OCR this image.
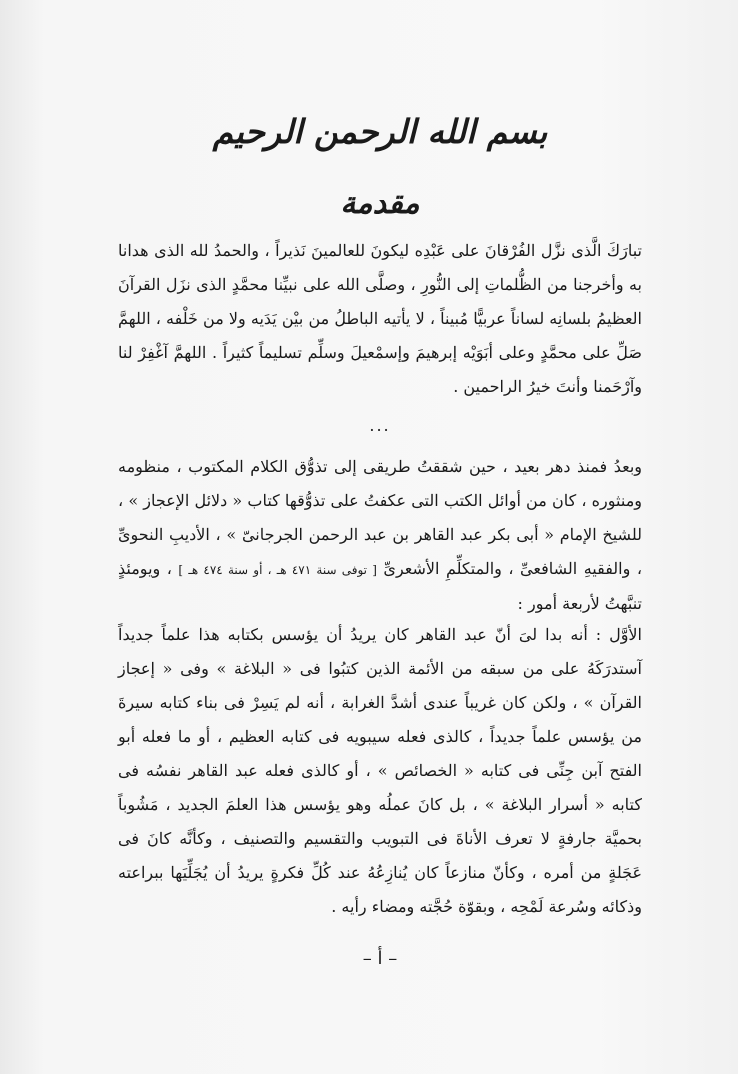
بسم الله الرحمن الرحيم
مقدمة

تبارَكَ الَّذى نزَّل الفُرْقانَ على عَبْدِه ليكونَ للعالمينَ نَذيراً ، والحمدُ لله الذى هدانا به وأخرجنا من الظُّلماتِ إلى النُّورِ ، وصلَّى الله على نبيِّنا محمَّدٍ الذى نزَل القرآنَ العظيمُ بلسانِه لساناً عربيًّا مُبيناً ، لا يأتيه الباطلُ من بيْن يَدَيه ولا من خَلْفه ، اللهمَّ صَلِّ على محمَّدٍ وعلى أبَوَيْه إبرهيمَ وإسمْعيلَ وسلِّم تسليماً كثيراً . اللهمَّ آغْفِرْ لنا وآرْحَمنا وأنتَ خيرُ الراحمين .

...

وبعدُ فمنذ دهر بعيد ، حين شققتُ طريقى إلى تذوُّق الكلام المكتوب ، منظومه ومنثوره ، كان من أوائل الكتب التى عكفتُ على تذوُّقها كتاب « دلائل الإعجاز » ، للشيخ الإمام « أبى بكر عبد القاهر بن عبد الرحمن الجرجانىّ » ، الأديبِ النحوىِّ ، والفقيهِ الشافعىِّ ، والمتكلِّمِ الأشعرىِّ [ توفى سنة ٤٧١ هـ ، أو سنة ٤٧٤ هـ ] ، ويومئذٍ تنبَّهتُ لأربعة أمور :

الأوَّل : أنه بدا لىَ أنّ عبد القاهر كان يريدُ أن يؤسس بكتابه هذا علماً جديداً آستدرَكَهُ على من سبقه من الأئمة الذين كتبُوا فى « البلاغة » وفى « إعجاز القرآن » ، ولكن كان غريباً عندى أشدَّ الغرابة ، أنه لم يَسِرْ فى بناء كتابه سيرةَ من يؤسس علماً جديداً ، كالذى فعله سيبويه فى كتابه العظيم ، أو ما فعله أبو الفتح آبن جِنِّى فى كتابه « الخصائص » ، أو كالذى فعله عبد القاهر نفسُه فى كتابه « أسرار البلاغة » ، بل كانَ عملُه وهو يؤسس هذا العلمَ الجديد ، مَشُوباً بحميَّة جارفةٍ لا تعرف الأناةَ فى التبويب والتقسيم والتصنيف ، وكأنَّه كانَ فى عَجَلةٍ من أمره ، وكأنّ منازعاً كان يُنازِعُهُ عند كُلِّ فكرةٍ يريدُ أن يُجَلِّيَها ببراعته وذكائه وسُرعة لَمْحِه ، وبقوّة حُجَّته ومضاء رأيه .

– أ –
